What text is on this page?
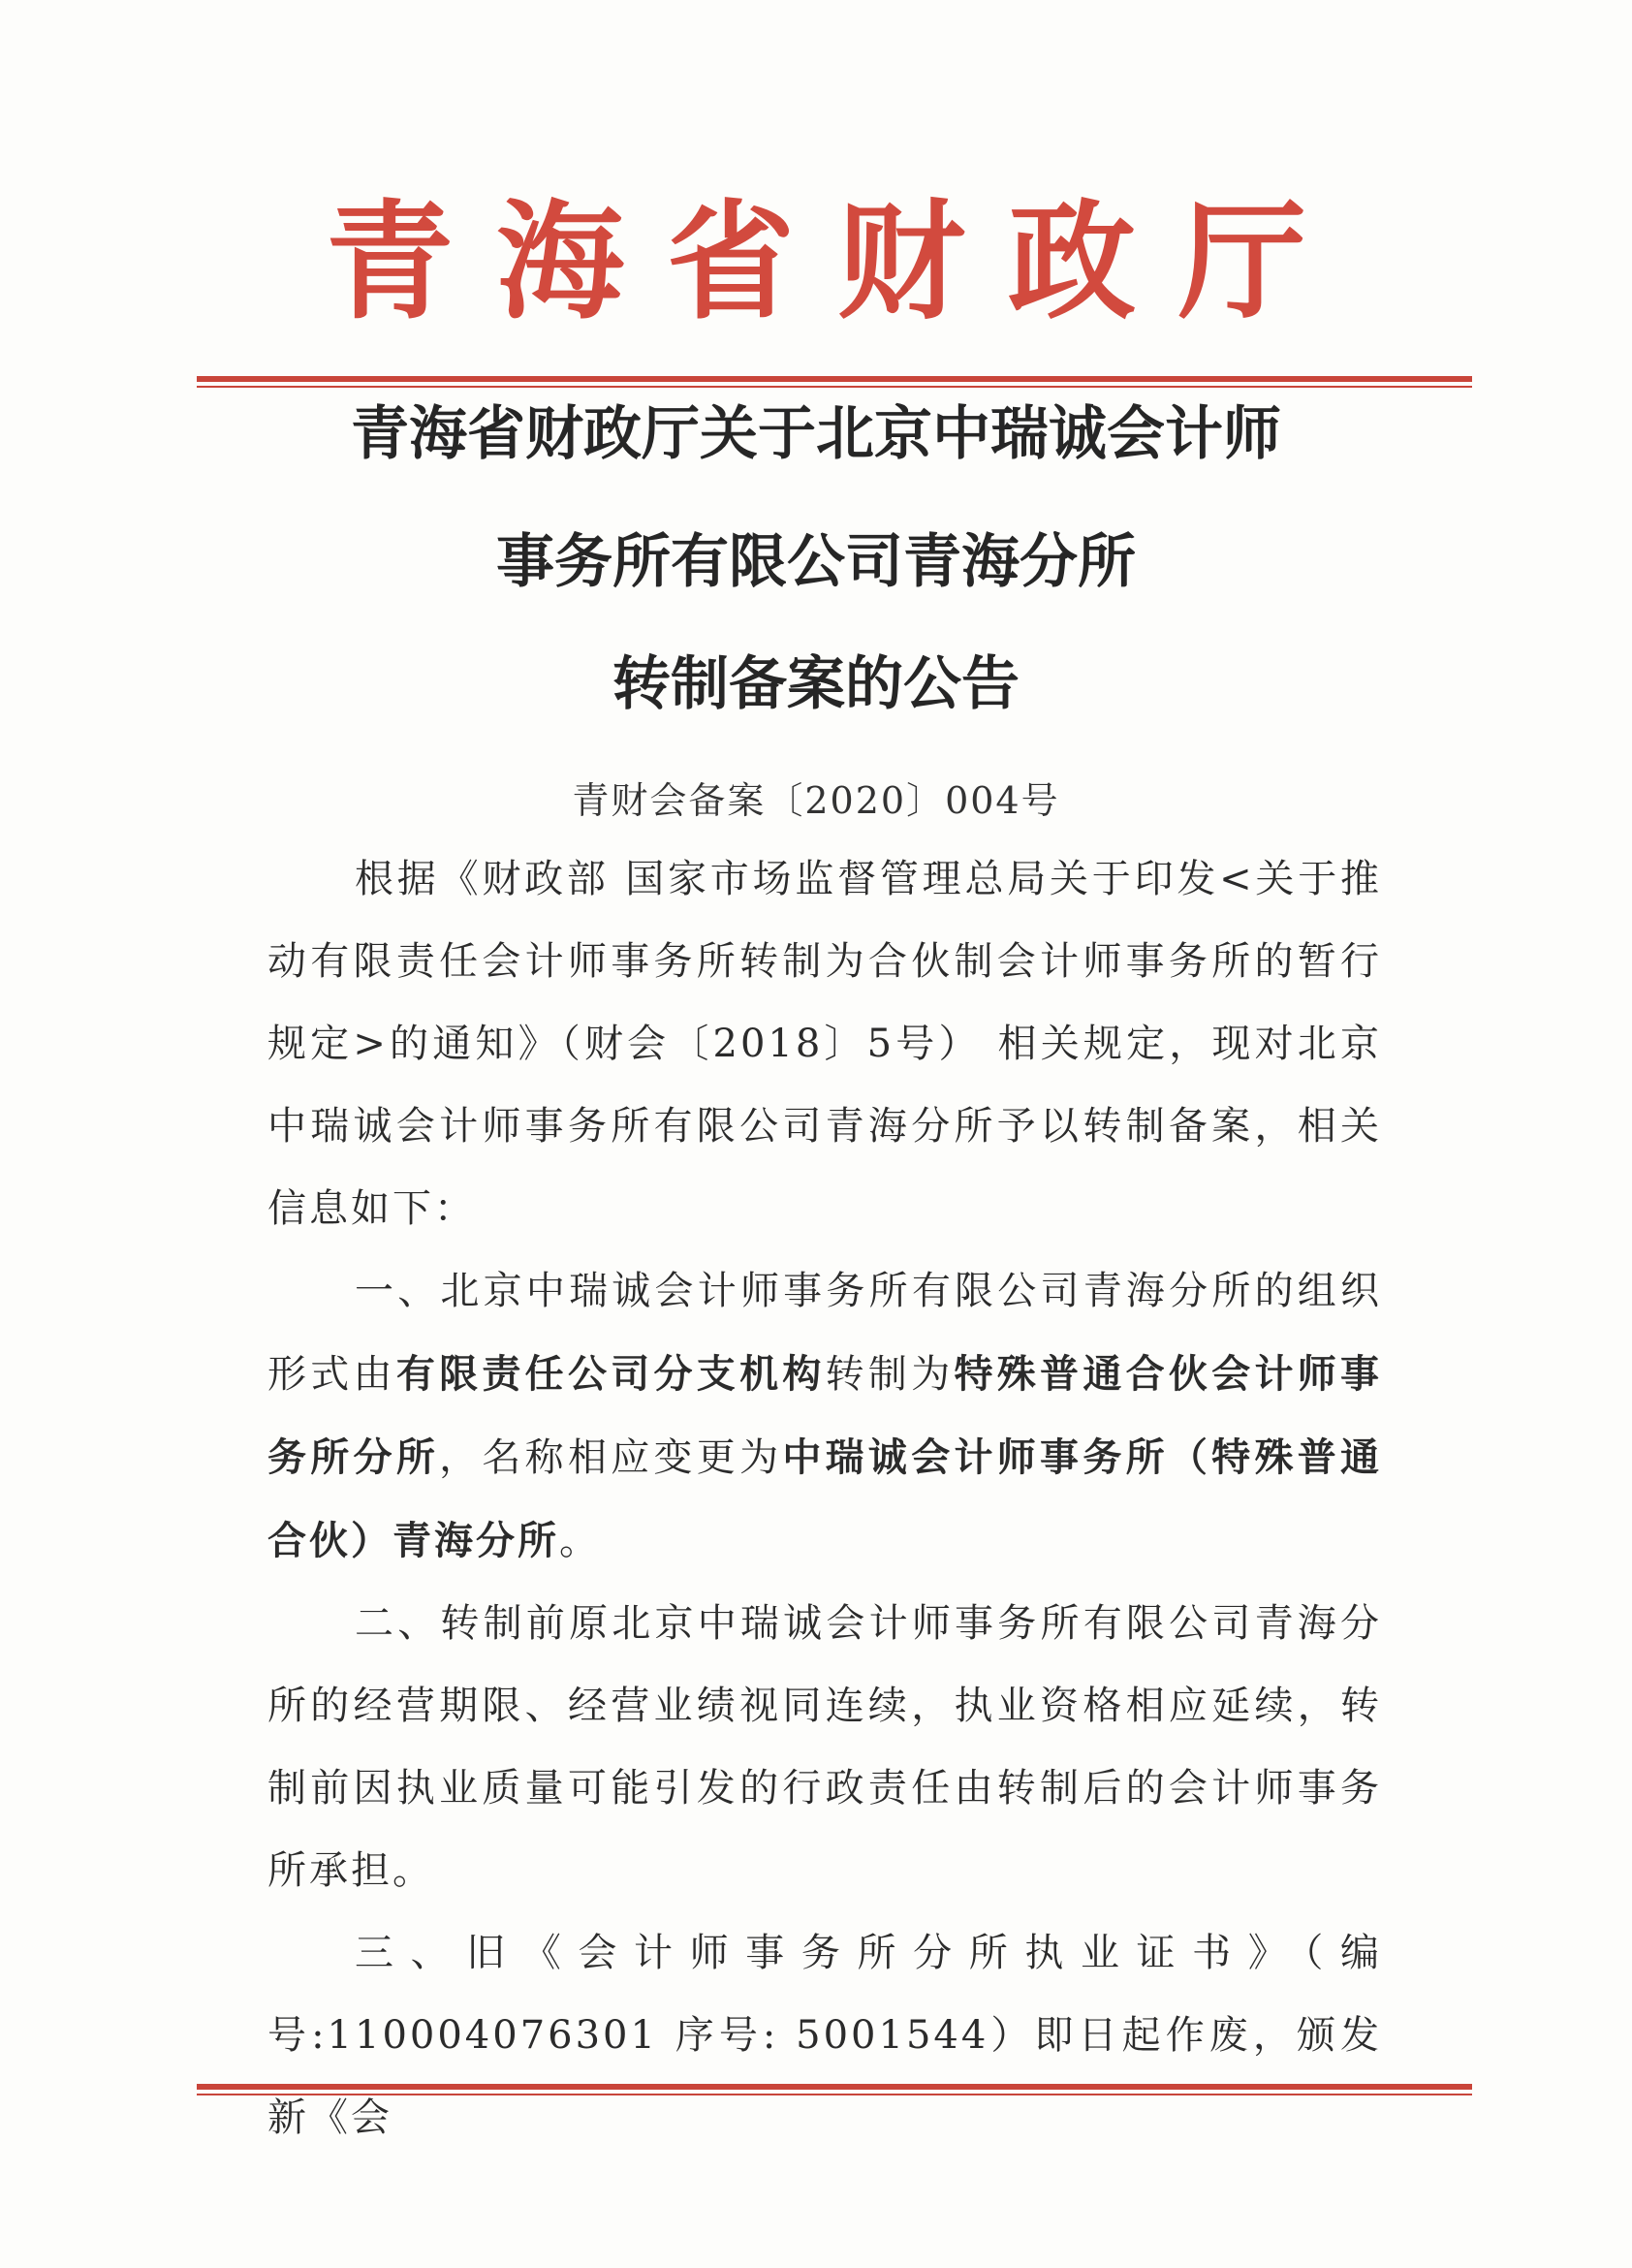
青海省财政厅
青海省财政厅关于北京中瑞诚会计师
事务所有限公司青海分所
转制备案的公告
青财会备案〔2020〕004号

根据《财政部 国家市场监督管理总局关于印发<关于推动有限责任会计师事务所转制为合伙制会计师事务所的暂行规定>的通知》（财会〔2018〕5号） 相关规定，现对北京中瑞诚会计师事务所有限公司青海分所予以转制备案，相关信息如下：

一、北京中瑞诚会计师事务所有限公司青海分所的组织形式由有限责任公司分支机构转制为特殊普通合伙会计师事务所分所，名称相应变更为中瑞诚会计师事务所（特殊普通合伙）青海分所。

二、转制前原北京中瑞诚会计师事务所有限公司青海分所的经营期限、经营业绩视同连续，执业资格相应延续，转制前因执业质量可能引发的行政责任由转制后的会计师事务所承担。

三、旧《会计师事务所分所执业证书》（编号:110004076301 序号: 5001544）即日起作废，颁发新《会
